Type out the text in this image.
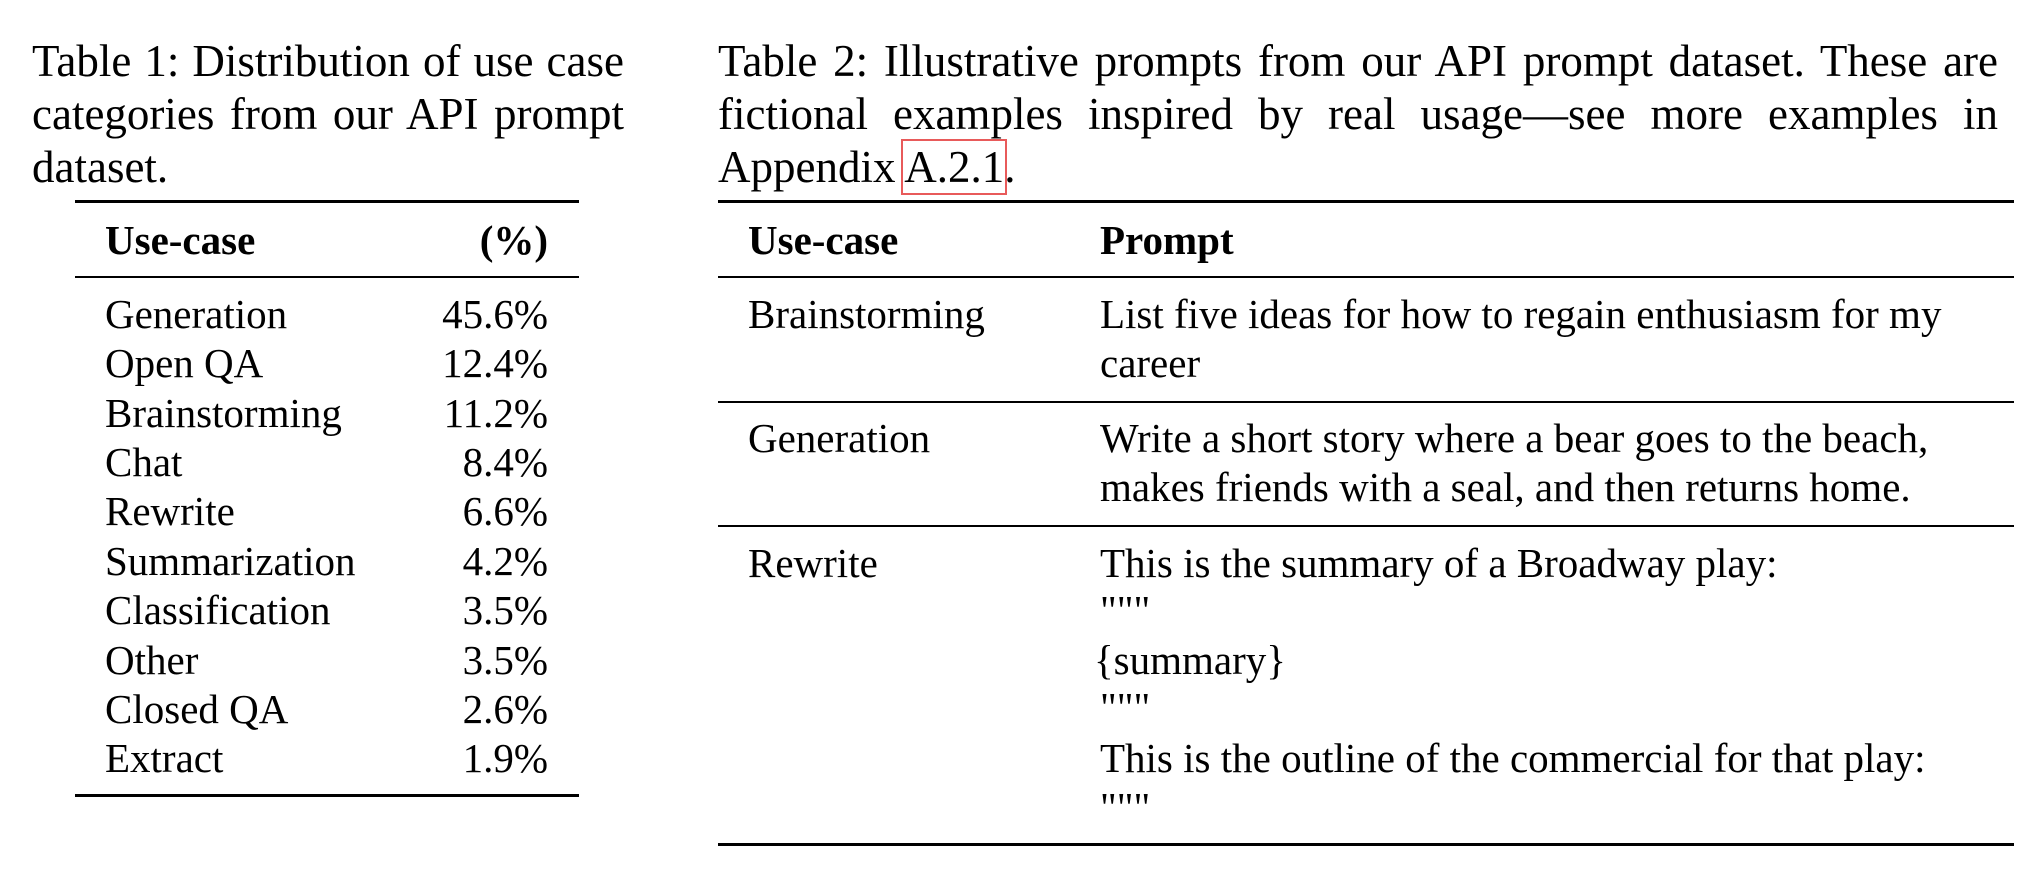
Table 1: Distribution of use case categories from our API prompt dataset.

Table 2: Illustrative prompts from our API prompt dataset. These are fictional examples inspired by real usage—see more examples in Appendix A.2.1.

Use-case	(%)
Generation	45.6%
Open QA	12.4%
Brainstorming	11.2%
Chat	8.4%
Rewrite	6.6%
Summarization	4.2%
Classification	3.5%
Other	3.5%
Closed QA	2.6%
Extract	1.9%
Use-case	Prompt
Brainstorming	List five ideas for how to regain enthusiasm for my
career
Generation	Write a short story where a bear goes to the beach,
makes friends with a seal, and then returns home.
Rewrite	This is the summary of a Broadway play:
"""
{summary}
"""
This is the outline of the commercial for that play:
"""
